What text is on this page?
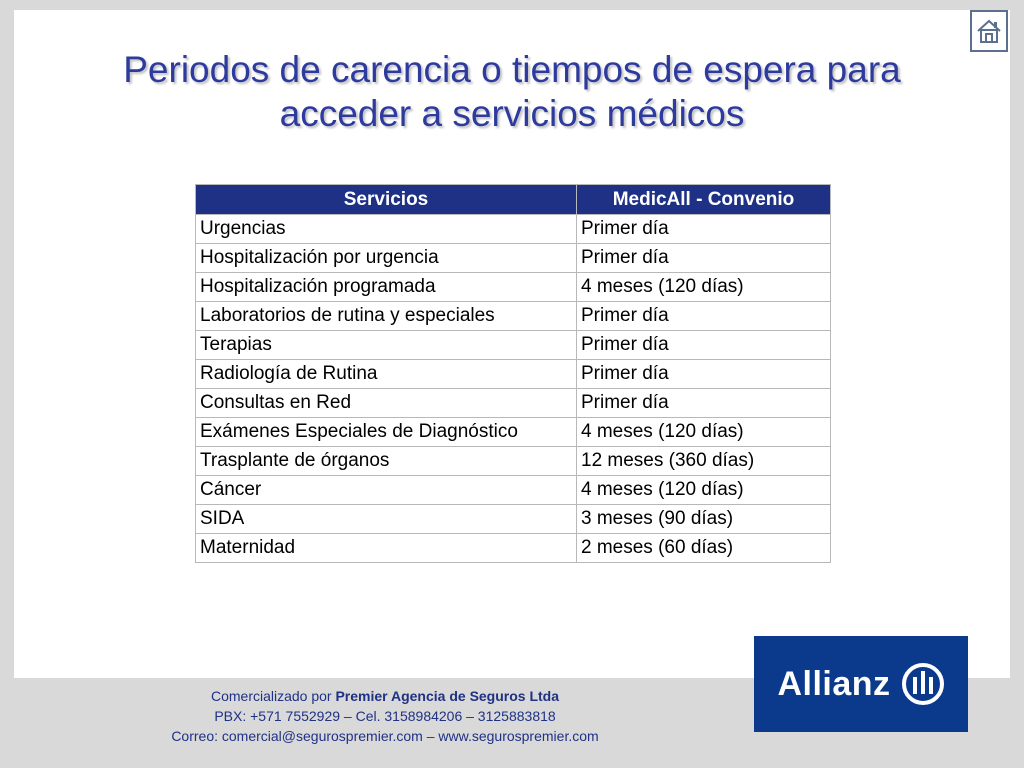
Periodos de carencia o tiempos de espera para
acceder a servicios médicos
Servicios	MedicAll - Convenio
Urgencias	Primer día
Hospitalización por urgencia	Primer día
Hospitalización programada	4 meses (120 días)
Laboratorios de rutina y especiales	Primer día
Terapias	Primer día
Radiología de Rutina	Primer día
Consultas en Red	Primer día
Exámenes Especiales de Diagnóstico	4 meses (120 días)
Trasplante de órganos	12 meses (360 días)
Cáncer	4 meses (120 días)
SIDA	3 meses (90 días)
Maternidad	2 meses (60 días)
Comercializado por Premier Agencia de Seguros Ltda
PBX: +571 7552929 – Cel. 3158984206 – 3125883818
Correo: comercial@segurospremier.com – www.segurospremier.com
Allianz
